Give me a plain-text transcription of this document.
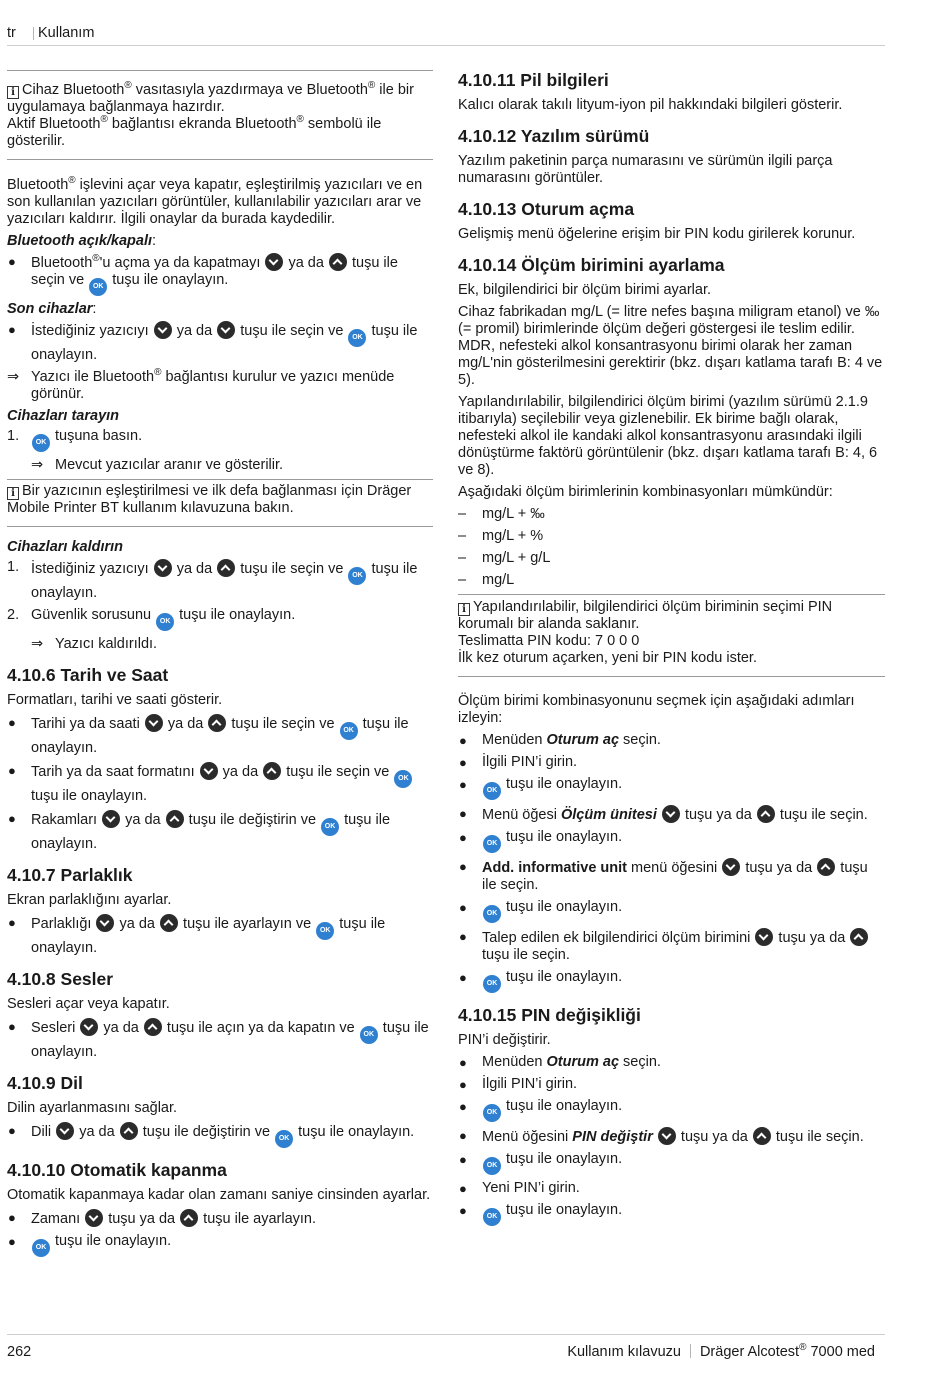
tr Kullanım

i Cihaz Bluetooth® vasıtasıyla yazdırmaya ve Bluetooth® ile bir uygulamaya bağlanmaya hazırdır.
Aktif Bluetooth® bağlantısı ekranda Bluetooth® sembolü ile gösterilir.

Bluetooth® işlevini açar veya kapatır, eşleştirilmiş yazıcıları ve en son kullanılan yazıcıları görüntüler, kullanılabilir yazıcıları arar ve yazıcıları kaldırır. İlgili onaylar da burada kaydedilir.

Bluetooth açık/kapalı:
● Bluetooth®'u açma ya da kapatmayı  ya da  tuşu ile seçin ve OK tuşu ile onaylayın.
Son cihazlar:
● İstediğiniz yazıcıyı  ya da  tuşu ile seçin ve OK tuşu ile onaylayın.
⇒ Yazıcı ile Bluetooth® bağlantısı kurulur ve yazıcı menüde görünür.
Cihazları tarayın
1. OK tuşuna basın.
⇒ Mevcut yazıcılar aranır ve gösterilir.

i Bir yazıcının eşleştirilmesi ve ilk defa bağlanması için Dräger Mobile Printer BT kullanım kılavuzuna bakın.

Cihazları kaldırın
1. İstediğiniz yazıcıyı  ya da  tuşu ile seçin ve OK tuşu ile onaylayın.
2. Güvenlik sorusunu OK tuşu ile onaylayın.
⇒ Yazıcı kaldırıldı.
4.10.6 Tarih ve Saat

Formatları, tarihi ve saati gösterir.

● Tarihi ya da saati  ya da  tuşu ile seçin ve OK tuşu ile onaylayın.
● Tarih ya da saat formatını  ya da  tuşu ile seçin ve OK tuşu ile onaylayın.
● Rakamları  ya da  tuşu ile değiştirin ve OK tuşu ile onaylayın.
4.10.7 Parlaklık

Ekran parlaklığını ayarlar.

● Parlaklığı  ya da  tuşu ile ayarlayın ve OK tuşu ile onaylayın.
4.10.8 Sesler

Sesleri açar veya kapatır.

● Sesleri  ya da  tuşu ile açın ya da kapatın ve OK tuşu ile onaylayın.
4.10.9 Dil

Dilin ayarlanmasını sağlar.

● Dili  ya da  tuşu ile değiştirin ve OK tuşu ile onaylayın.
4.10.10 Otomatik kapanma

Otomatik kapanmaya kadar olan zamanı saniye cinsinden ayarlar.

● Zamanı  tuşu ya da  tuşu ile ayarlayın.
●	OK tuşu ile onaylayın.
4.10.11 Pil bilgileri

Kalıcı olarak takılı lityum-iyon pil hakkındaki bilgileri gösterir.

4.10.12 Yazılım sürümü

Yazılım paketinin parça numarasını ve sürümün ilgili parça numarasını görüntüler.

4.10.13 Oturum açma

Gelişmiş menü öğelerine erişim bir PIN kodu girilerek korunur.

4.10.14 Ölçüm birimini ayarlama

Ek, bilgilendirici bir ölçüm birimi ayarlar.

Cihaz fabrikadan mg/L (= litre nefes başına miligram etanol) ve ‰ (= promil) birimlerinde ölçüm değeri göstergesi ile teslim edilir. MDR, nefesteki alkol konsantrasyonu birimi olarak her zaman mg/L'nin gösterilmesini gerektirir (bkz. dışarı katlama tarafı B: 4 ve 5).

Yapılandırılabilir, bilgilendirici ölçüm birimi (yazılım sürümü 2.1.9 itibarıyla) seçilebilir veya gizlenebilir. Ek birime bağlı olarak, nefesteki alkol ile kandaki alkol konsantrasyonu arasındaki ilgili dönüştürme faktörü görüntülenir (bkz. dışarı katlama tarafı B: 4, 6 ve 8).

Aşağıdaki ölçüm birimlerinin kombinasyonları mümkündür:

– mg/L + ‰
– mg/L + %
– mg/L + g/L
– mg/L

i Yapılandırılabilir, bilgilendirici ölçüm biriminin seçimi PIN korumalı bir alanda saklanır.
Teslimatta PIN kodu: 7 0 0 0
İlk kez oturum açarken, yeni bir PIN kodu ister.

Ölçüm birimi kombinasyonunu seçmek için aşağıdaki adımları izleyin:

● Menüden Oturum aç seçin.
● İlgili PIN’i girin.
●	OK tuşu ile onaylayın.
● Menü öğesi Ölçüm ünitesi  tuşu ya da  tuşu ile seçin.
●	OK tuşu ile onaylayın.
● Add. informative unit menü öğesini  tuşu ya da  tuşu ile seçin.
●	OK tuşu ile onaylayın.
● Talep edilen ek bilgilendirici ölçüm birimini  tuşu ya da  tuşu ile seçin.
●	OK tuşu ile onaylayın.
4.10.15 PIN değişikliği

PIN’i değiştirir.

● Menüden Oturum aç seçin.
● İlgili PIN’i girin.
●	OK tuşu ile onaylayın.
● Menü öğesini PIN değiştir  tuşu ya da  tuşu ile seçin.
●	OK tuşu ile onaylayın.
● Yeni PIN’i girin.
●	OK tuşu ile onaylayın.
262	Kullanım kılavuzu Dräger Alcotest® 7000 med
